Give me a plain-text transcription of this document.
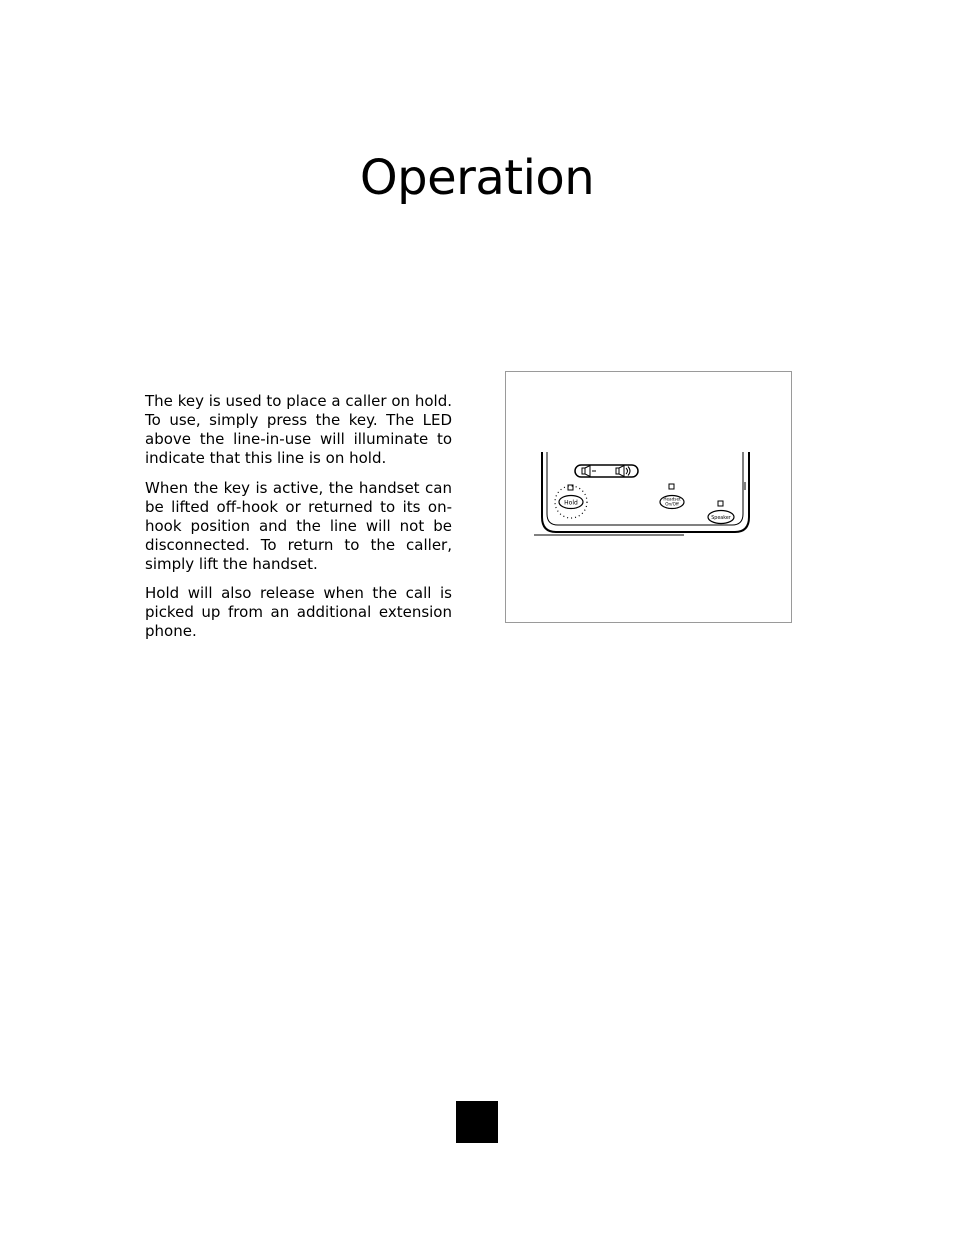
Operation

The key is used to place a caller on hold. To use, simply press the key. The LED above the line-in-use will illuminate to indicate that this line is on hold.

When the key is active, the handset can be lifted off-hook or returned to its on-hook position and the line will not be disconnected. To return to the caller, simply lift the handset.

Hold will also release when the call is picked up from an additional extension phone.

Hold
Headset
On/Off
Speaker
